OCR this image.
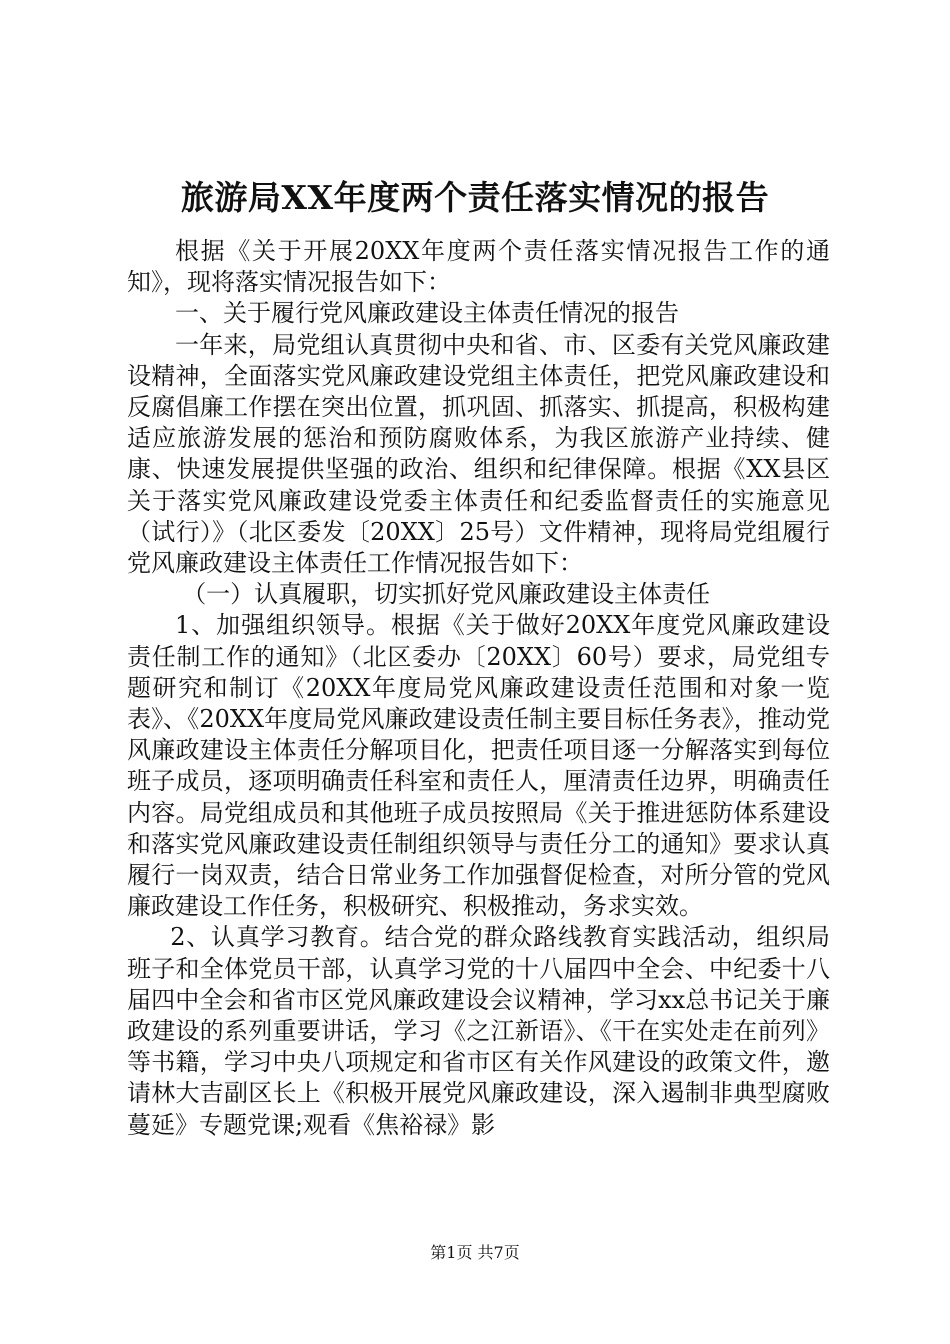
旅游局XX年度两个责任落实情况的报告

根据《关于开展20XX年度两个责任落实情况报告工作的通知》，现将落实情况报告如下：

一、关于履行党风廉政建设主体责任情况的报告

一年来，局党组认真贯彻中央和省、市、区委有关党风廉政建设精神，全面落实党风廉政建设党组主体责任，把党风廉政建设和反腐倡廉工作摆在突出位置，抓巩固、抓落实、抓提高，积极构建适应旅游发展的惩治和预防腐败体系，为我区旅游产业持续、健康、快速发展提供坚强的政治、组织和纪律保障。根据《XX县区关于落实党风廉政建设党委主体责任和纪委监督责任的实施意见（试行）》（北区委发〔20XX〕25号）文件精神，现将局党组履行党风廉政建设主体责任工作情况报告如下：

（一）认真履职，切实抓好党风廉政建设主体责任

1、加强组织领导。根据《关于做好20XX年度党风廉政建设责任制工作的通知》（北区委办〔20XX〕60号）要求，局党组专题研究和制订《20XX年度局党风廉政建设责任范围和对象一览表》、《20XX年度局党风廉政建设责任制主要目标任务表》，推动党风廉政建设主体责任分解项目化，把责任项目逐一分解落实到每位班子成员，逐项明确责任科室和责任人，厘清责任边界，明确责任内容。局党组成员和其他班子成员按照局《关于推进惩防体系建设和落实党风廉政建设责任制组织领导与责任分工的通知》要求认真履行一岗双责，结合日常业务工作加强督促检查，对所分管的党风廉政建设工作任务，积极研究、积极推动，务求实效。

2、认真学习教育。结合党的群众路线教育实践活动，组织局班子和全体党员干部，认真学习党的十八届四中全会、中纪委十八届四中全会和省市区党风廉政建设会议精神，学习xx总书记关于廉政建设的系列重要讲话，学习《之江新语》、《干在实处走在前列》等书籍，学习中央八项规定和省市区有关作风建设的政策文件，邀请林大吉副区长上《积极开展党风廉政建设，深入遏制非典型腐败蔓延》专题党课;观看《焦裕禄》影

第1页 共7页
